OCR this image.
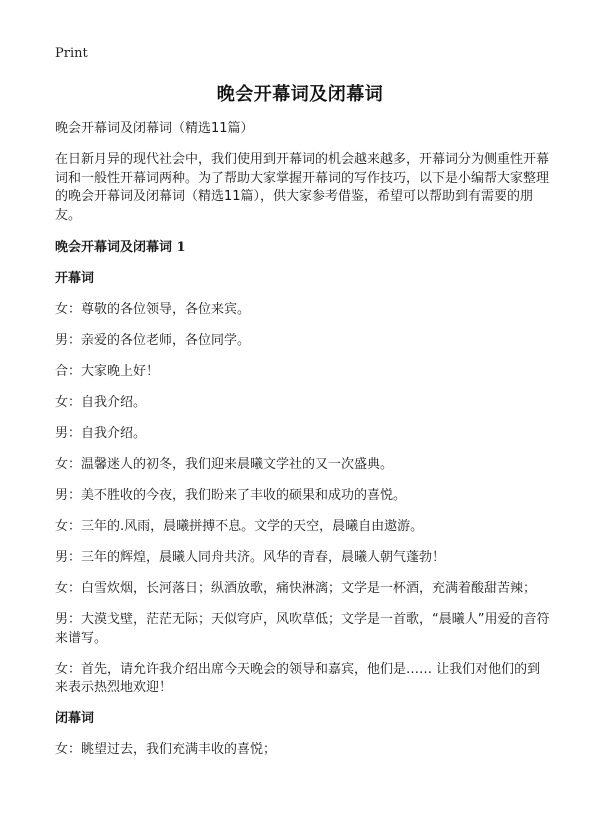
Print
晚会开幕词及闭幕词

晚会开幕词及闭幕词（精选11篇）

在日新月异的现代社会中，我们使用到开幕词的机会越来越多，开幕词分为侧重性开幕词和一般性开幕词两种。为了帮助大家掌握开幕词的写作技巧，以下是小编帮大家整理的晚会开幕词及闭幕词（精选11篇），供大家参考借鉴，希望可以帮助到有需要的朋友。

晚会开幕词及闭幕词 1

开幕词

女：尊敬的各位领导，各位来宾。

男：亲爱的各位老师，各位同学。

合：大家晚上好！

女：自我介绍。

男：自我介绍。

女：温馨迷人的初冬，我们迎来晨曦文学社的又一次盛典。

男：美不胜收的今夜，我们盼来了丰收的硕果和成功的喜悦。

女：三年的.风雨，晨曦拼搏不息。文学的天空，晨曦自由遨游。

男：三年的辉煌，晨曦人同舟共济。风华的青春，晨曦人朝气蓬勃！

女：白雪炊烟，长河落日；纵酒放歌，痛快淋漓；文学是一杯酒，充满着酸甜苦辣；

男：大漠戈壁，茫茫无际；天似穹庐，风吹草低；文学是一首歌，“晨曦人”用爱的音符来谱写。

女：首先，请允许我介绍出席今天晚会的领导和嘉宾，他们是…… 让我们对他们的到来表示热烈地欢迎！

闭幕词

女：眺望过去，我们充满丰收的喜悦；
